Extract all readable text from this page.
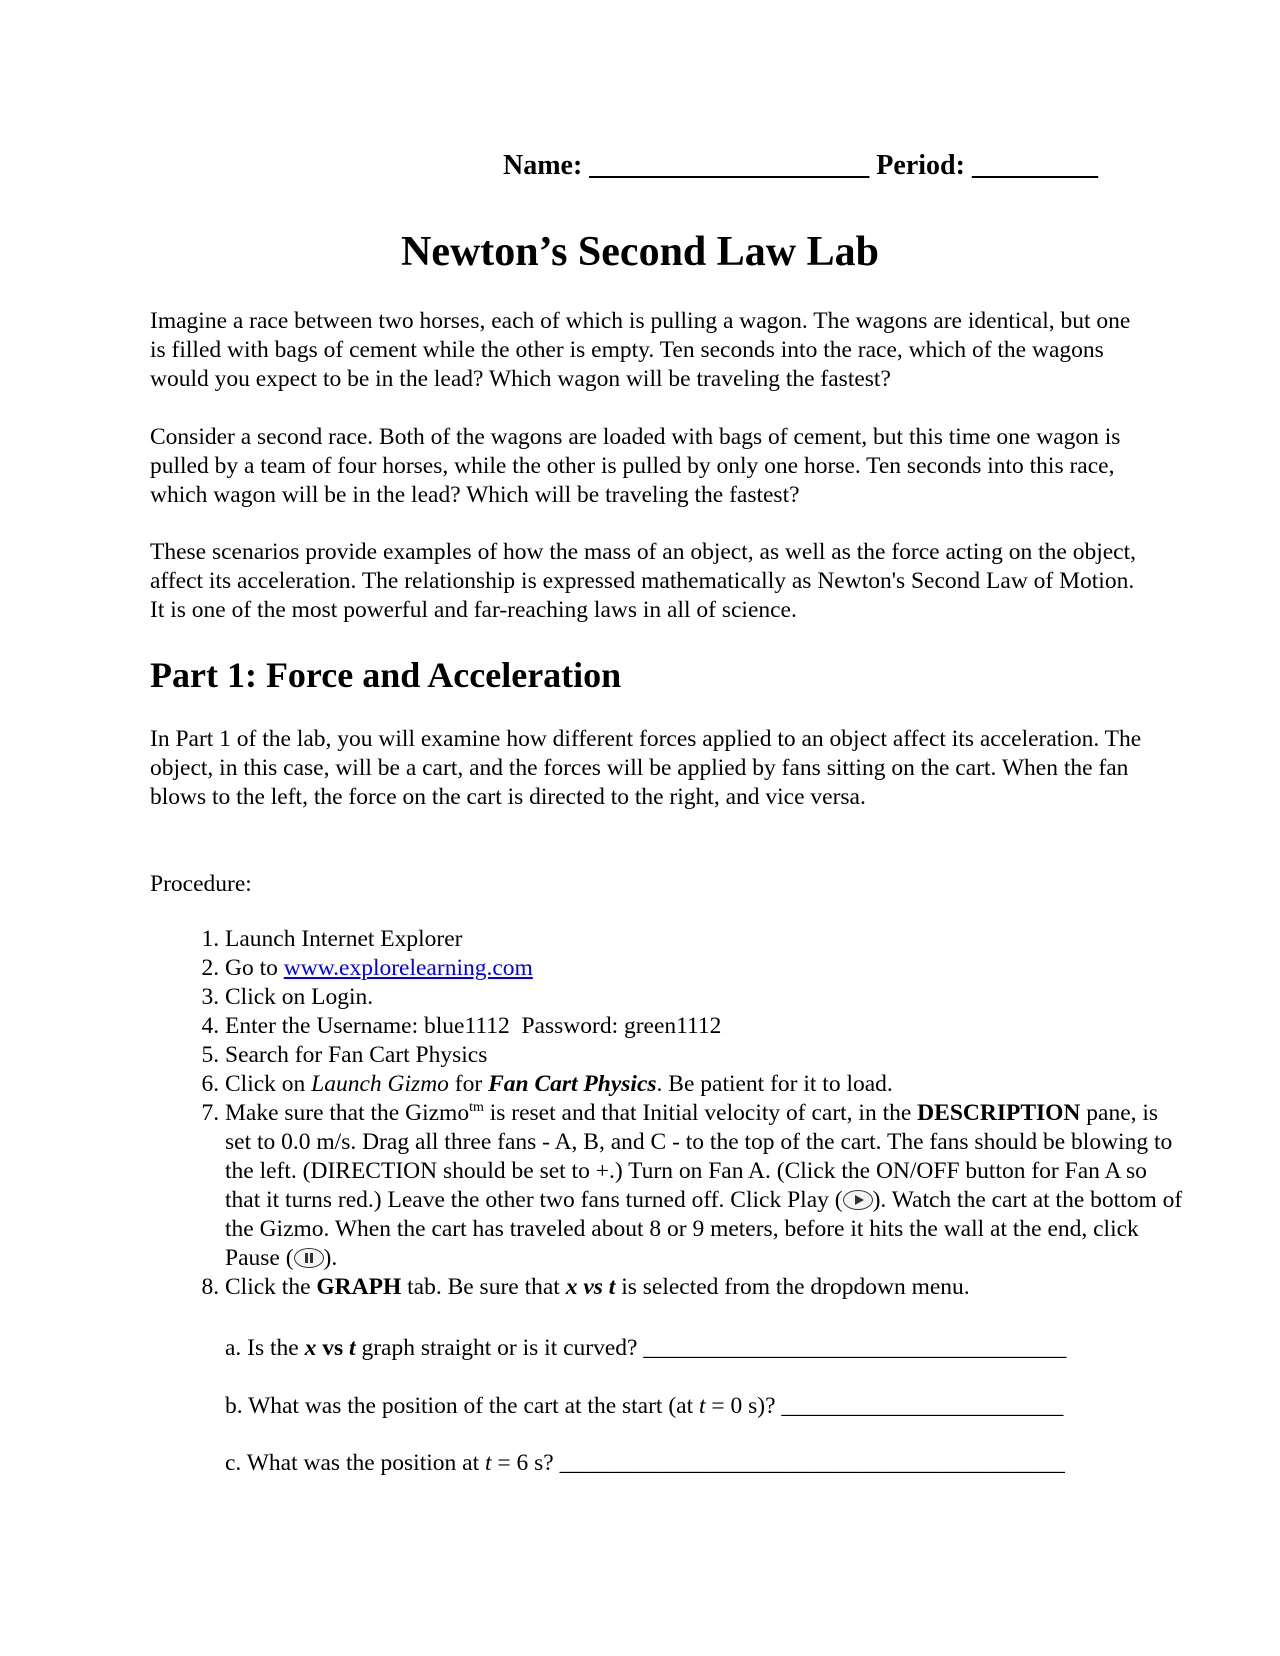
Name: ____________________ Period: _________
Newton’s Second Law Lab

Imagine a race between two horses, each of which is pulling a wagon. The wagons are identical, but one is filled with bags of cement while the other is empty. Ten seconds into the race, which of the wagons would you expect to be in the lead? Which wagon will be traveling the fastest?

Consider a second race. Both of the wagons are loaded with bags of cement, but this time one wagon is pulled by a team of four horses, while the other is pulled by only one horse. Ten seconds into this race, which wagon will be in the lead? Which will be traveling the fastest?

These scenarios provide examples of how the mass of an object, as well as the force acting on the object, affect its acceleration. The relationship is expressed mathematically as Newton's Second Law of Motion. It is one of the most powerful and far-reaching laws in all of science.

Part 1: Force and Acceleration

In Part 1 of the lab, you will examine how different forces applied to an object affect its acceleration. The object, in this case, will be a cart, and the forces will be applied by fans sitting on the cart. When the fan blows to the left, the force on the cart is directed to the right, and vice versa.

Procedure:

1. Launch Internet Explorer
2. Go to www.explorelearning.com
3. Click on Login.
4. Enter the Username: blue1112  Password: green1112
5. Search for Fan Cart Physics
6. Click on Launch Gizmo for Fan Cart Physics. Be patient for it to load.
7. Make sure that the Gizmo$^{tm}$ is reset and that Initial velocity of cart, in the DESCRIPTION pane, is set to 0.0 m/s. Drag all three fans - A, B, and C - to the top of the cart. The fans should be blowing to the left. (DIRECTION should be set to +.) Turn on Fan A. (Click the ON/OFF button for Fan A so that it turns red.) Leave the other two fans turned off. Click Play ( ). Watch the cart at the bottom of the Gizmo. When the cart has traveled about 8 or 9 meters, before it hits the wall at the end, click Pause ( ).
8. Click the GRAPH tab. Be sure that x vs t is selected from the dropdown menu.

a. Is the x vs t graph straight or is it curved? ____________________________________

b. What was the position of the cart at the start (at t = 0 s)? ________________________

c. What was the position at t = 6 s? ___________________________________________
